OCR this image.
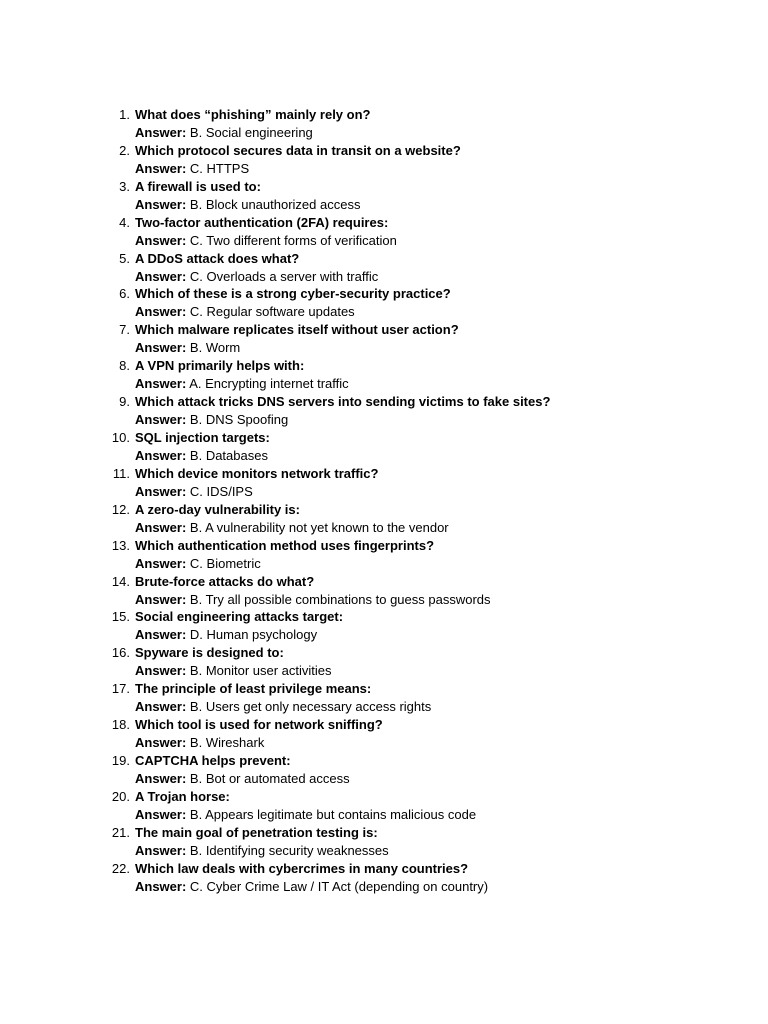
1. What does “phishing” mainly rely on?
Answer: B. Social engineering
2. Which protocol secures data in transit on a website?
Answer: C. HTTPS
3. A firewall is used to:
Answer: B. Block unauthorized access
4. Two-factor authentication (2FA) requires:
Answer: C. Two different forms of verification
5. A DDoS attack does what?
Answer: C. Overloads a server with traffic
6. Which of these is a strong cyber-security practice?
Answer: C. Regular software updates
7. Which malware replicates itself without user action?
Answer: B. Worm
8. A VPN primarily helps with:
Answer: A. Encrypting internet traffic
9. Which attack tricks DNS servers into sending victims to fake sites?
Answer: B. DNS Spoofing
10. SQL injection targets:
Answer: B. Databases
11. Which device monitors network traffic?
Answer: C. IDS/IPS
12. A zero-day vulnerability is:
Answer: B. A vulnerability not yet known to the vendor
13. Which authentication method uses fingerprints?
Answer: C. Biometric
14. Brute-force attacks do what?
Answer: B. Try all possible combinations to guess passwords
15. Social engineering attacks target:
Answer: D. Human psychology
16. Spyware is designed to:
Answer: B. Monitor user activities
17. The principle of least privilege means:
Answer: B. Users get only necessary access rights
18. Which tool is used for network sniffing?
Answer: B. Wireshark
19. CAPTCHA helps prevent:
Answer: B. Bot or automated access
20. A Trojan horse:
Answer: B. Appears legitimate but contains malicious code
21. The main goal of penetration testing is:
Answer: B. Identifying security weaknesses
22. Which law deals with cybercrimes in many countries?
Answer: C. Cyber Crime Law / IT Act (depending on country)
